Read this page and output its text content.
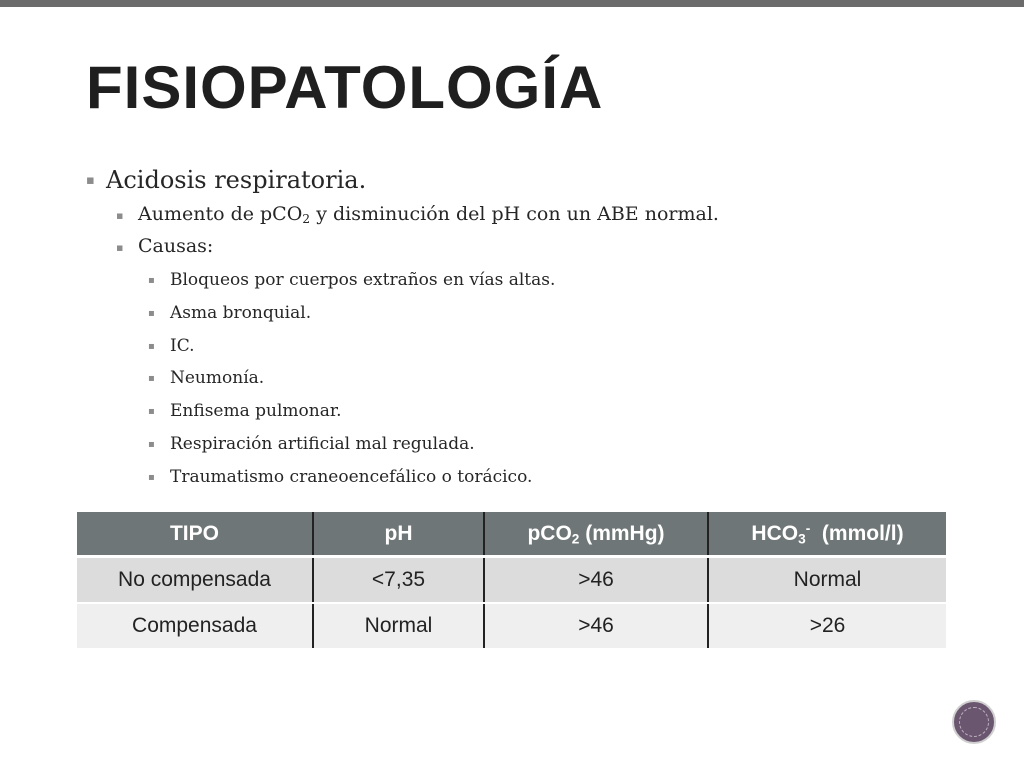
FISIOPATOLOGÍA
▪ Acidosis respiratoria.
▪ Aumento de pCO$_2$ y disminución del pH con un ABE normal.
▪ Causas:
▪ Bloqueos por cuerpos extraños en vías altas.
▪ Asma bronquial.
▪ IC.
▪ Neumonía.
▪ Enfisema pulmonar.
▪ Respiración artificial mal regulada.
▪ Traumatismo craneoencefálico o torácico.
TIPO	pH	pCO$_2$ (mmHg)	$HCO_3^-$  (mmol/l)
No compensada	<7,35	>46	Normal
Compensada	Normal	>46	>26
